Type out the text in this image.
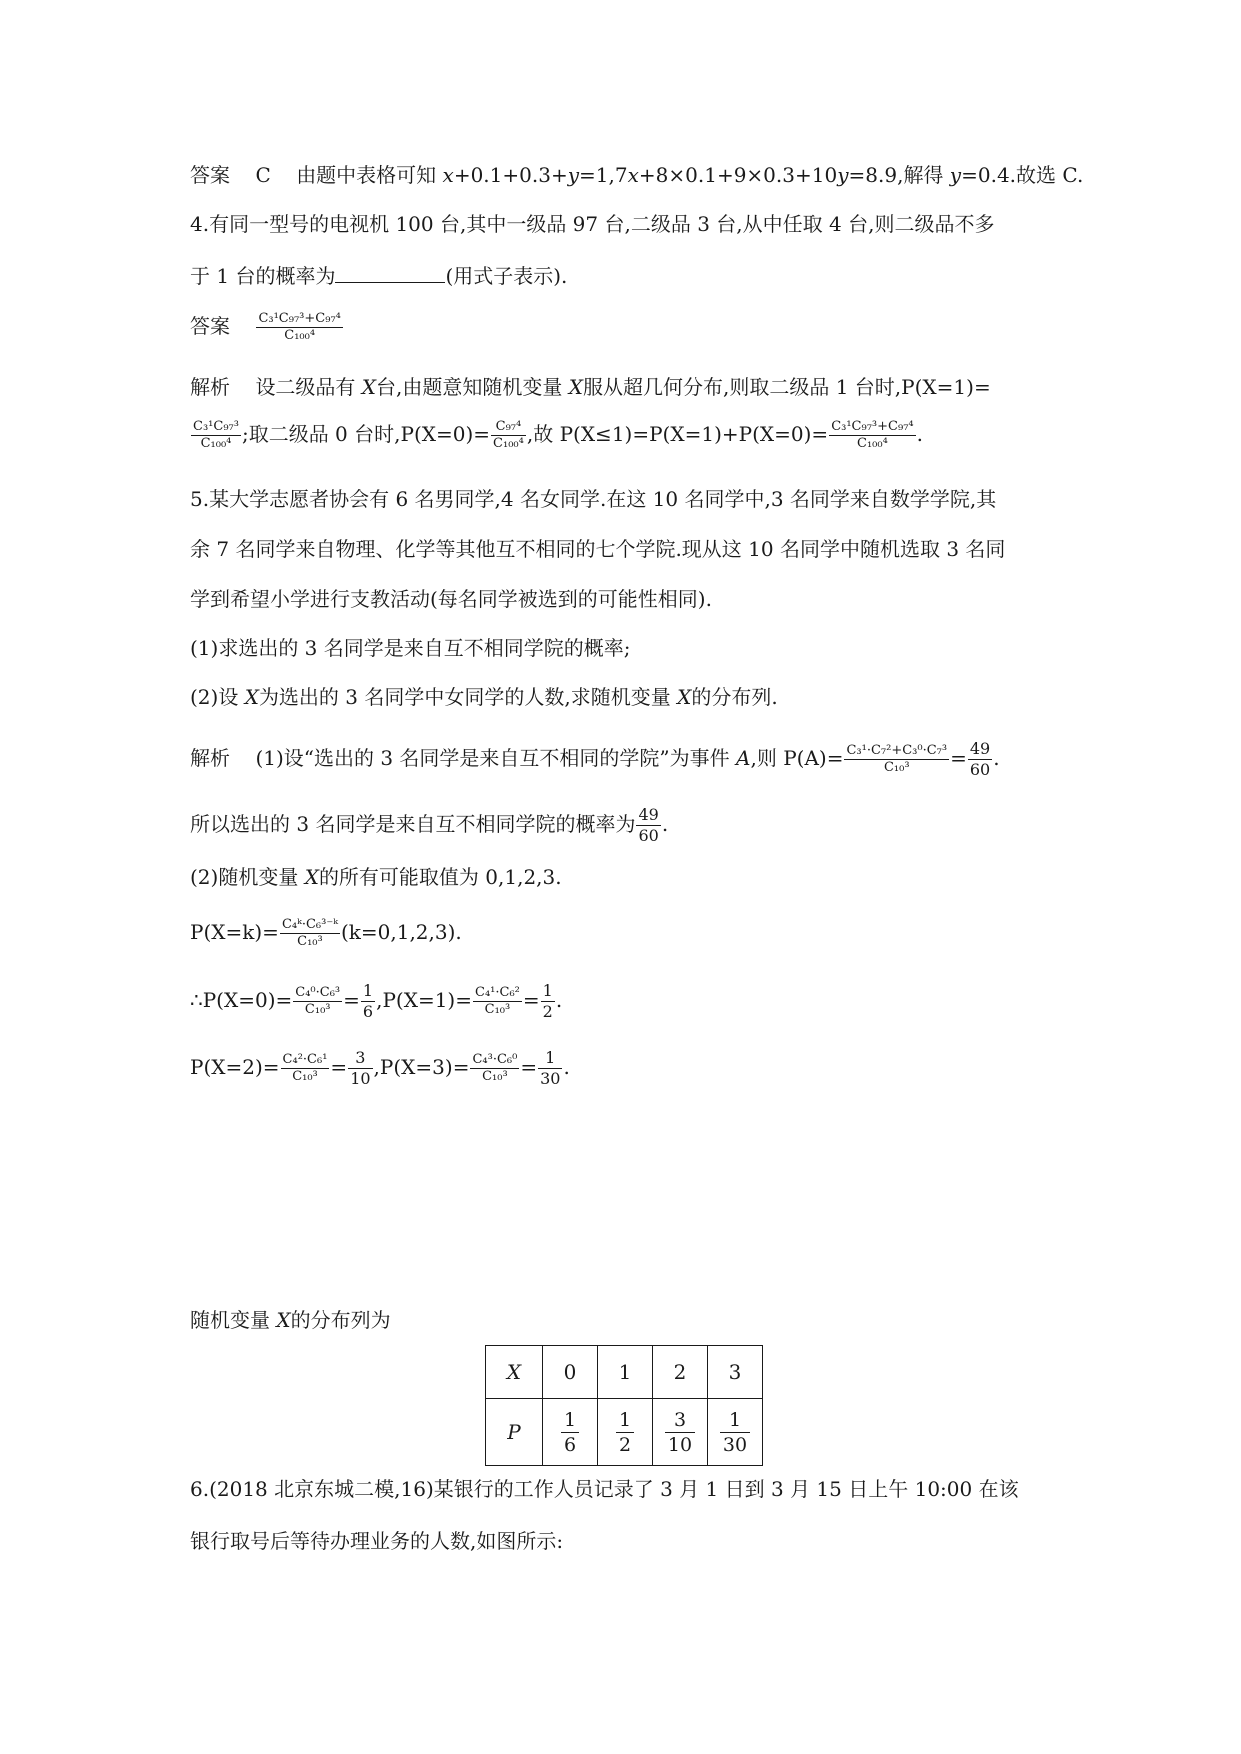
答案 C 由题中表格可知 x+0.1+0.3+y=1,7x+8×0.1+9×0.3+10y=8.9,解得 y=0.4.故选 C.
4.有同一型号的电视机 100 台,其中一级品 97 台,二级品 3 台,从中任取 4 台,则二级品不多
于 1 台的概率为	(用式子表示).
答案 $\frac{\text{C₃¹C₉₇³+C₉₇⁴}}{\text{C₁₀₀⁴}}$
解析 设二级品有 X台,由题意知随机变量 X服从超几何分布,则取二级品 1 台时,P(X=1)=
$\frac{\text{C₃¹C₉₇³}}{\text{C₁₀₀⁴}}$ ;取二级品 0 台时$,P(X=0)= \frac{\text{C₉₇⁴}}{\text{C₁₀₀⁴}}$ ,故 $P(X\le 1)=P(X=1)+P(X=0)= \frac{\text{C₃¹C₉₇³+C₉₇⁴}}{\text{C₁₀₀⁴}}$ .
5.某大学志愿者协会有 6 名男同学,4 名女同学.在这 10 名同学中,3 名同学来自数学学院,其
余 7 名同学来自物理、化学等其他互不相同的七个学院.现从这 10 名同学中随机选取 3 名同
学到希望小学进行支教活动(每名同学被选到的可能性相同).
(1)求选出的 3 名同学是来自互不相同学院的概率;
(2)设 X为选出的 3 名同学中女同学的人数,求随机变量 X的分布列.
解析 (1)设“选出的 3 名同学是来自互不相同的学院”为事件 A,则 $P(A)= \frac{\text{C₃¹·C₇²+C₃⁰·C₇³}}{\text{C₁₀³}} = \frac{49}{60}$ .
所以选出的 3 名同学是来自互不相同学院的概率为 $\frac{49}{60}$ .
(2)随机变量 X的所有可能取值为 0,1,2,3.
$P(X=k)= \frac{\text{C₄ᵏ·C₆³⁻ᵏ}}{\text{C₁₀³}} (k=0,1,2,3)$.
∴P(X=0)= $\frac{\text{C₄⁰·C₆³}}{\text{C₁₀³}} = \frac{1}{6} ,P(X=1)= \frac{\text{C₄¹·C₆²}}{\text{C₁₀³}} = \frac{1}{2}$ .
$P(X=2)= \frac{\text{C₄²·C₆¹}}{\text{C₁₀³}} = \frac{3}{10} ,P(X=3)= \frac{\text{C₄³·C₆⁰}}{\text{C₁₀³}} = \frac{1}{30}$ .
随机变量 X的分布列为
X	0	1	2	3
P	$\frac{1}{6}$	$\frac{1}{2}$	$\frac{3}{10}$	$\frac{1}{30}$
6.(2018 北京东城二模,16)某银行的工作人员记录了 3 月 1 日到 3 月 15 日上午 10:00 在该
银行取号后等待办理业务的人数,如图所示:
